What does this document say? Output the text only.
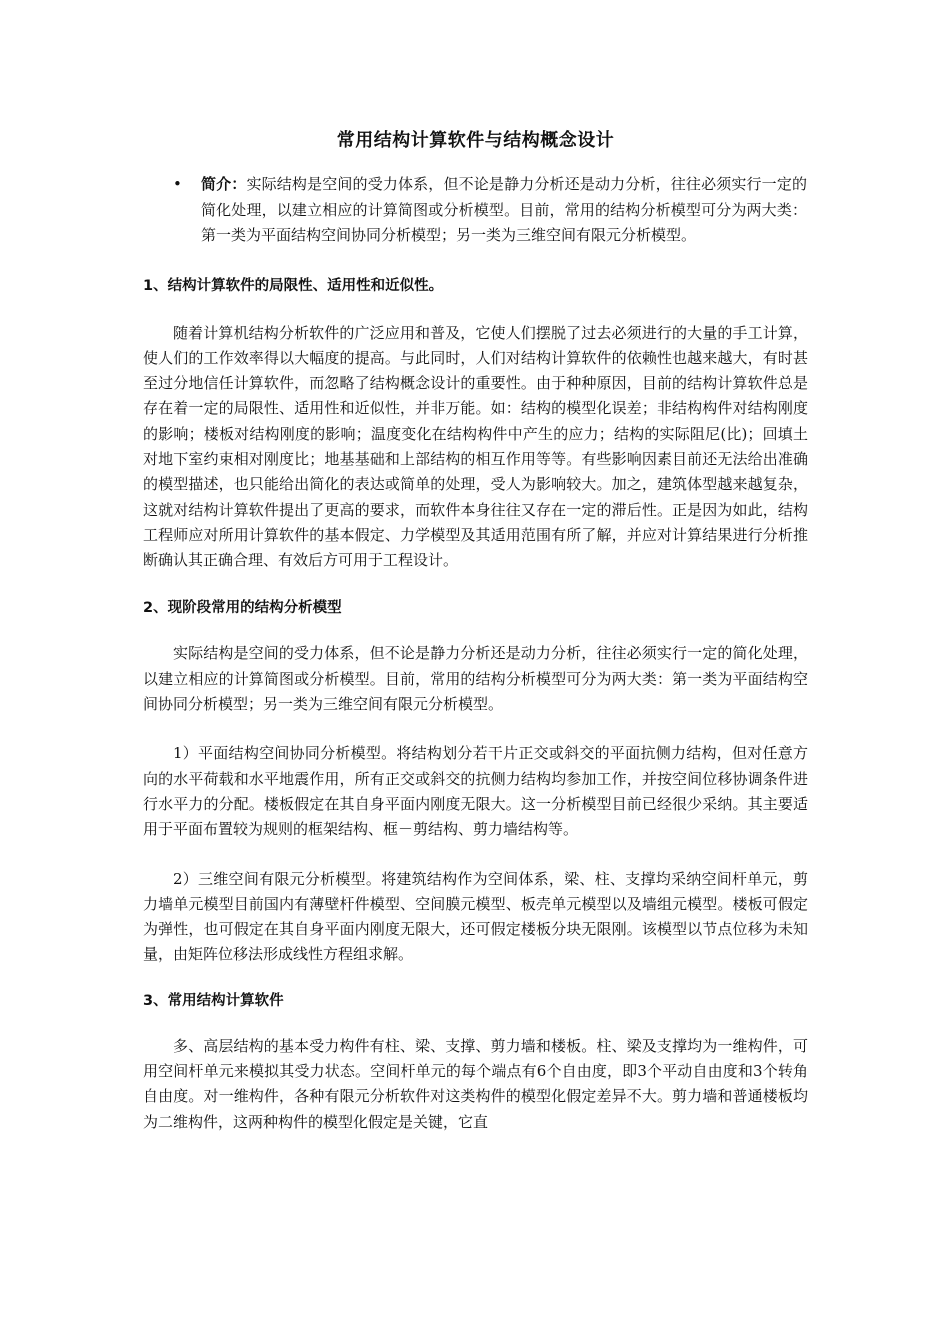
常用结构计算软件与结构概念设计
•	简介：实际结构是空间的受力体系，但不论是静力分析还是动力分析，往往必须实行一定的简化处理，以建立相应的计算简图或分析模型。目前，常用的结构分析模型可分为两大类：第一类为平面结构空间协同分析模型；另一类为三维空间有限元分析模型。
1、结构计算软件的局限性、适用性和近似性。

随着计算机结构分析软件的广泛应用和普及，它使人们摆脱了过去必须进行的大量的手工计算，使人们的工作效率得以大幅度的提高。与此同时，人们对结构计算软件的依赖性也越来越大，有时甚至过分地信任计算软件，而忽略了结构概念设计的重要性。由于种种原因，目前的结构计算软件总是存在着一定的局限性、适用性和近似性，并非万能。如：结构的模型化误差；非结构构件对结构刚度的影响；楼板对结构刚度的影响；温度变化在结构构件中产生的应力；结构的实际阻尼(比)；回填土对地下室约束相对刚度比；地基基础和上部结构的相互作用等等。有些影响因素目前还无法给出准确的模型描述，也只能给出简化的表达或简单的处理，受人为影响较大。加之，建筑体型越来越复杂，这就对结构计算软件提出了更高的要求，而软件本身往往又存在一定的滞后性。正是因为如此，结构工程师应对所用计算软件的基本假定、力学模型及其适用范围有所了解，并应对计算结果进行分析推断确认其正确合理、有效后方可用于工程设计。

2、现阶段常用的结构分析模型

实际结构是空间的受力体系，但不论是静力分析还是动力分析，往往必须实行一定的简化处理，以建立相应的计算简图或分析模型。目前，常用的结构分析模型可分为两大类：第一类为平面结构空间协同分析模型；另一类为三维空间有限元分析模型。

1）平面结构空间协同分析模型。将结构划分若干片正交或斜交的平面抗侧力结构，但对任意方向的水平荷载和水平地震作用，所有正交或斜交的抗侧力结构均参加工作，并按空间位移协调条件进行水平力的分配。楼板假定在其自身平面内刚度无限大。这一分析模型目前已经很少采纳。其主要适用于平面布置较为规则的框架结构、框－剪结构、剪力墙结构等。

2）三维空间有限元分析模型。将建筑结构作为空间体系，梁、柱、支撑均采纳空间杆单元，剪力墙单元模型目前国内有薄壁杆件模型、空间膜元模型、板壳单元模型以及墙组元模型。楼板可假定为弹性，也可假定在其自身平面内刚度无限大，还可假定楼板分块无限刚。该模型以节点位移为未知量，由矩阵位移法形成线性方程组求解。

3、常用结构计算软件

多、高层结构的基本受力构件有柱、梁、支撑、剪力墙和楼板。柱、梁及支撑均为一维构件，可用空间杆单元来模拟其受力状态。空间杆单元的每个端点有6个自由度，即3个平动自由度和3个转角自由度。对一维构件，各种有限元分析软件对这类构件的模型化假定差异不大。剪力墙和普通楼板均为二维构件，这两种构件的模型化假定是关键，它直
